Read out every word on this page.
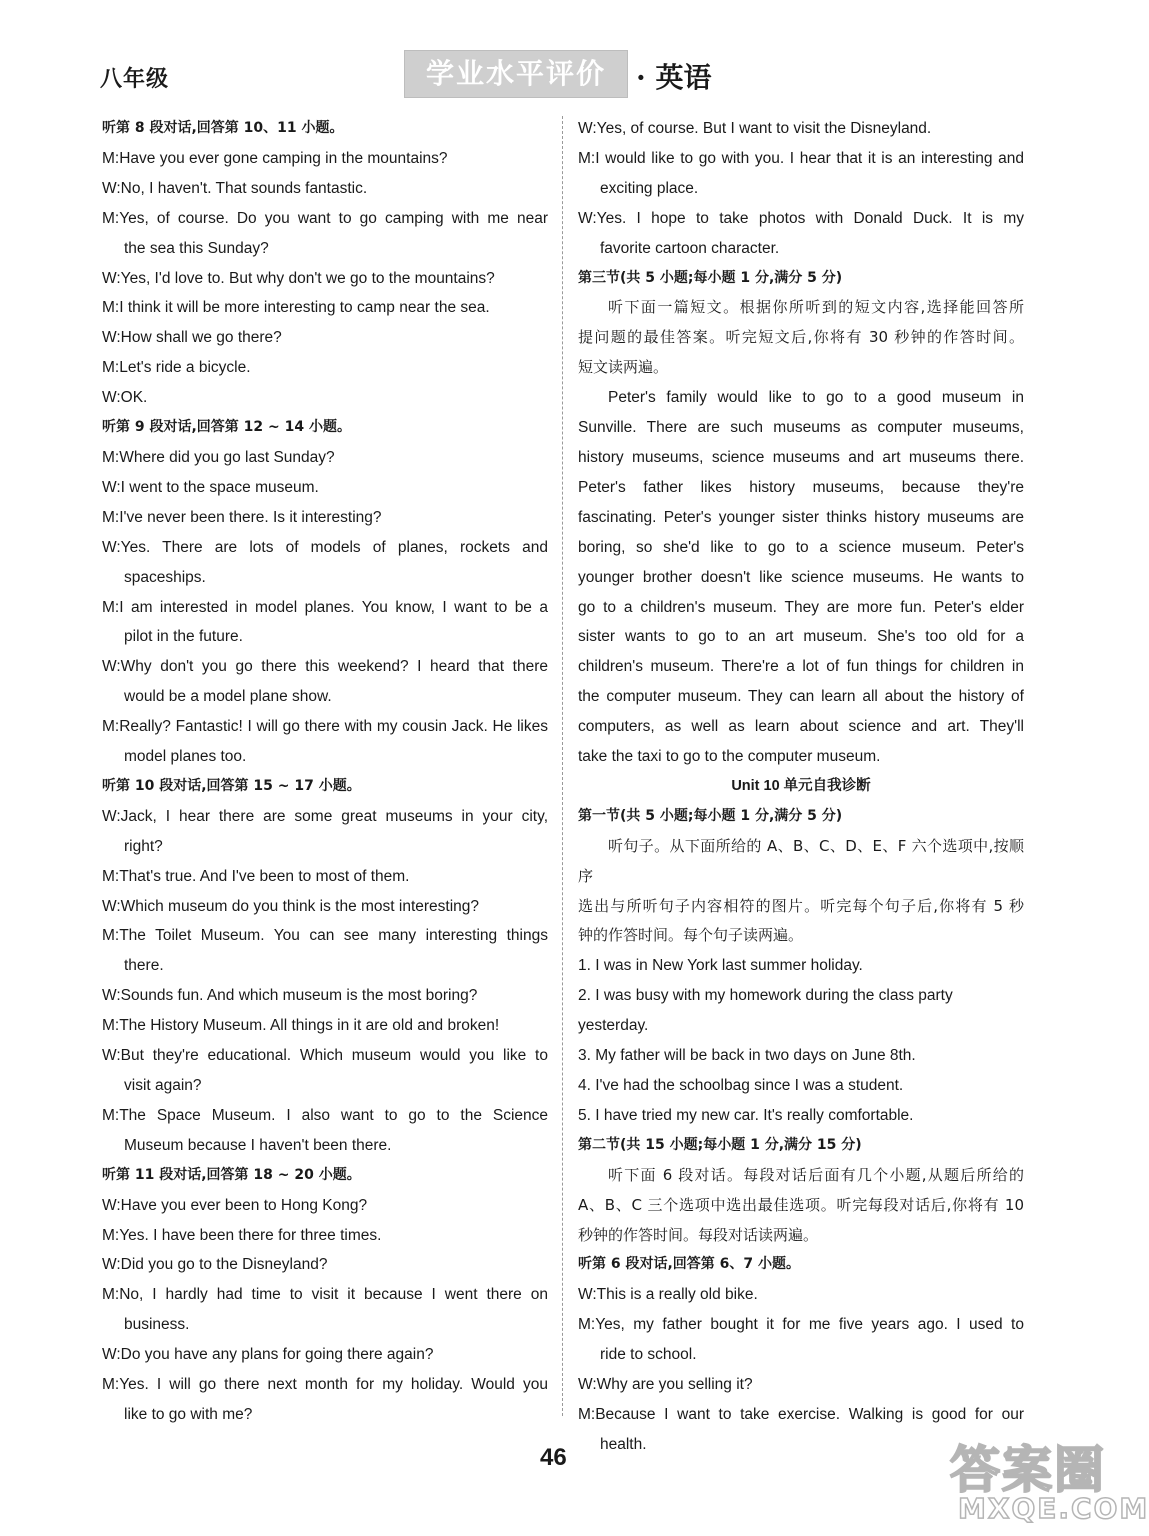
八年级	学业水平评价	· 英语

听第 8 段对话,回答第 10、11 小题。

M:Have you ever gone camping in the mountains?

W:No, I haven't. That sounds fantastic.

M:Yes, of course. Do you want to go camping with me near

the sea this Sunday?

W:Yes, I'd love to. But why don't we go to the mountains?

M:I think it will be more interesting to camp near the sea.

W:How shall we go there?

M:Let's ride a bicycle.

W:OK.

听第 9 段对话,回答第 12 ~ 14 小题。

M:Where did you go last Sunday?

W:I went to the space museum.

M:I've never been there. Is it interesting?

W:Yes. There are lots of models of planes, rockets and

spaceships.

M:I am interested in model planes. You know, I want to be a

pilot in the future.

W:Why don't you go there this weekend? I heard that there

would be a model plane show.

M:Really? Fantastic! I will go there with my cousin Jack. He likes

model planes too.

听第 10 段对话,回答第 15 ~ 17 小题。

W:Jack, I hear there are some great museums in your city,

right?

M:That's true. And I've been to most of them.

W:Which museum do you think is the most interesting?

M:The Toilet Museum. You can see many interesting things

there.

W:Sounds fun. And which museum is the most boring?

M:The History Museum. All things in it are old and broken!

W:But they're educational. Which museum would you like to

visit again?

M:The Space Museum. I also want to go to the Science

Museum because I haven't been there.

听第 11 段对话,回答第 18 ~ 20 小题。

W:Have you ever been to Hong Kong?

M:Yes. I have been there for three times.

W:Did you go to the Disneyland?

M:No, I hardly had time to visit it because I went there on

business.

W:Do you have any plans for going there again?

M:Yes. I will go there next month for my holiday. Would you

like to go with me?

W:Yes, of course. But I want to visit the Disneyland.

M:I would like to go with you. I hear that it is an interesting and

exciting place.

W:Yes. I hope to take photos with Donald Duck. It is my

favorite cartoon character.

第三节(共 5 小题;每小题 1 分,满分 5 分)

听下面一篇短文。根据你所听到的短文内容,选择能回答所

提问题的最佳答案。听完短文后,你将有 30 秒钟的作答时间。

短文读两遍。

Peter's family would like to go to a good museum in

Sunville. There are such museums as computer museums,

history museums, science museums and art museums there.

Peter's father likes history museums, because they're

fascinating. Peter's younger sister thinks history museums are

boring, so she'd like to go to a science museum. Peter's

younger brother doesn't like science museums. He wants to

go to a children's museum. They are more fun. Peter's elder

sister wants to go to an art museum. She's too old for a

children's museum. There're a lot of fun things for children in

the computer museum. They can learn all about the history of

computers, as well as learn about science and art. They'll

take the taxi to go to the computer museum.

Unit 10 单元自我诊断

第一节(共 5 小题;每小题 1 分,满分 5 分)

听句子。从下面所给的 A、B、C、D、E、F 六个选项中,按顺序

选出与所听句子内容相符的图片。听完每个句子后,你将有 5 秒

钟的作答时间。每个句子读两遍。

1. I was in New York last summer holiday.

2. I was busy with my homework during the class party yesterday.

3. My father will be back in two days on June 8th.

4. I've had the schoolbag since I was a student.

5. I have tried my new car. It's really comfortable.

第二节(共 15 小题;每小题 1 分,满分 15 分)

听下面 6 段对话。每段对话后面有几个小题,从题后所给的

A、B、C 三个选项中选出最佳选项。听完每段对话后,你将有 10

秒钟的作答时间。每段对话读两遍。

听第 6 段对话,回答第 6、7 小题。

W:This is a really old bike.

M:Yes, my father bought it for me five years ago. I used to

ride to school.

W:Why are you selling it?

M:Because I want to take exercise. Walking is good for our

health.

46	答案圈
MXQE.COM
